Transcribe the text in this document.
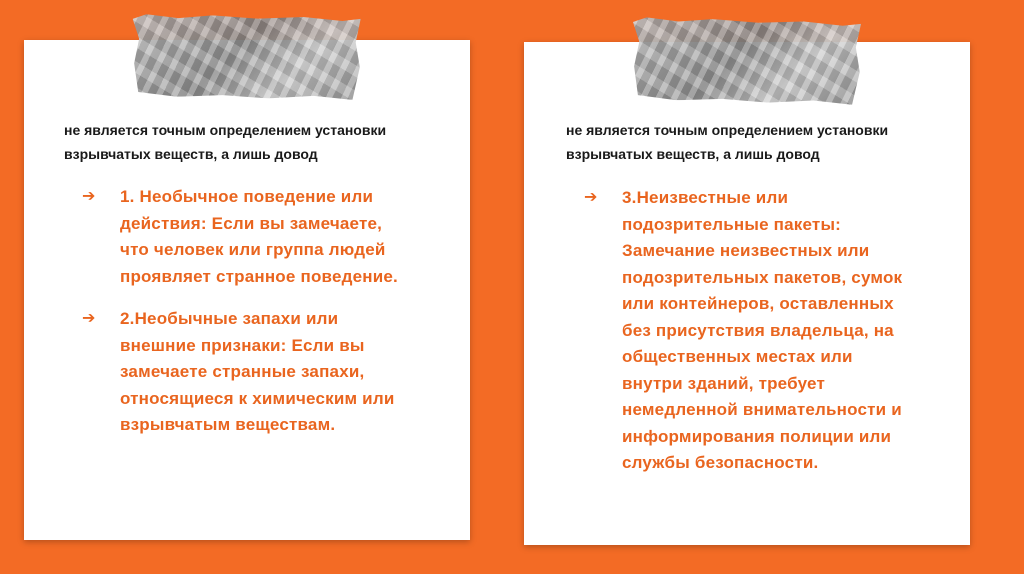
не является точным определением установки взрывчатых веществ, а лишь довод

➔ 1. Необычное поведение или действия: Если вы замечаете, что человек или группа людей проявляет странное поведение.
➔ 2.Необычные запахи или внешние признаки: Если вы замечаете странные запахи, относящиеся к химическим или взрывчатым веществам.

не является точным определением установки взрывчатых веществ, а лишь довод

➔ 3.Неизвестные или подозрительные пакеты: Замечание неизвестных или подозрительных пакетов, сумок или контейнеров, оставленных без присутствия владельца, на общественных местах или внутри зданий, требует немедленной внимательности и информирования полиции или службы безопасности.
